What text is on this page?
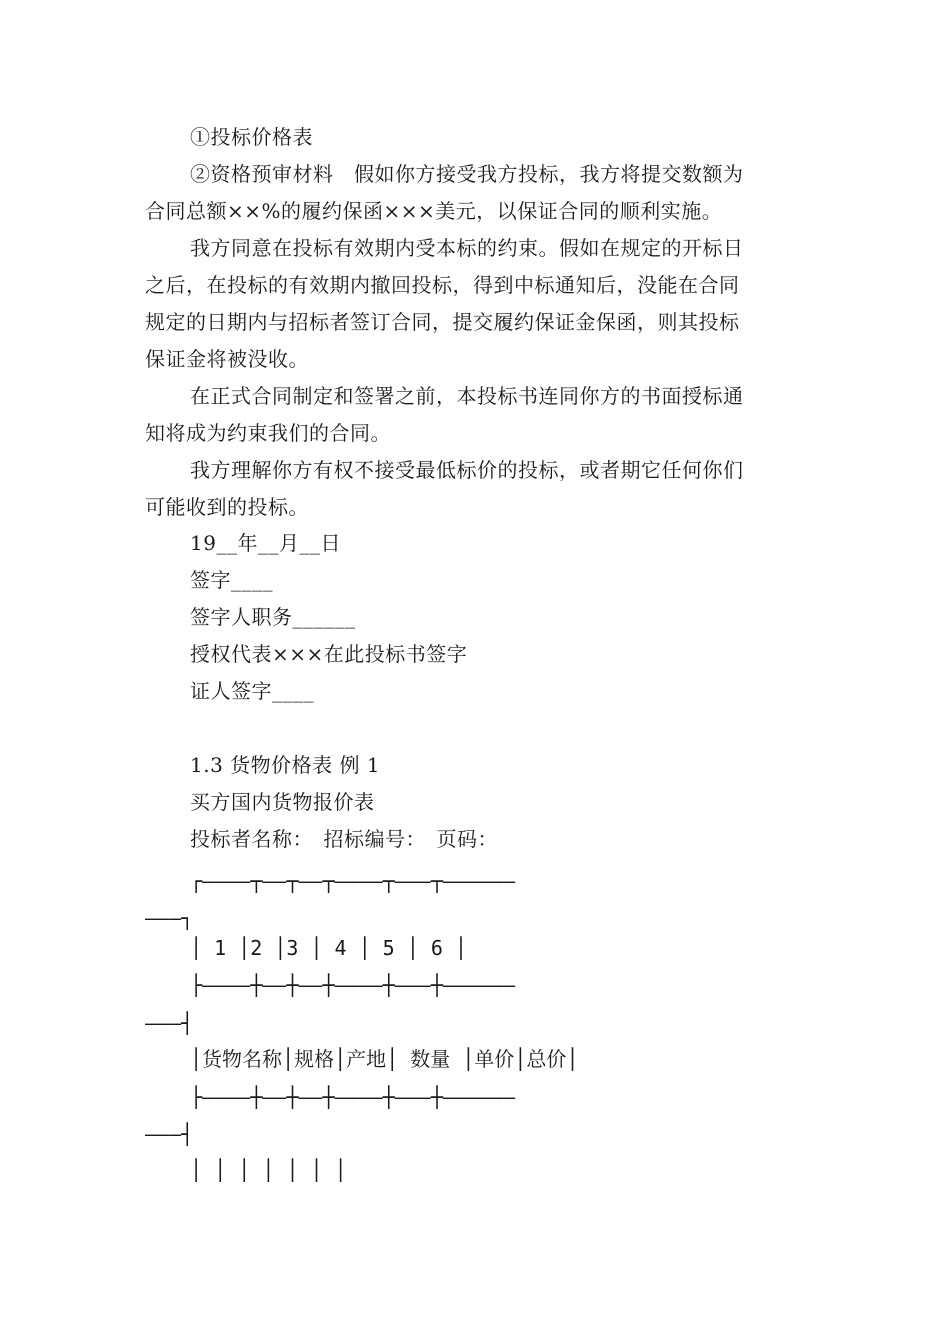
①投标价格表
②资格预审材料　假如你方接受我方投标，我方将提交数额为
合同总额××%的履约保函×××美元，以保证合同的顺利实施。
我方同意在投标有效期内受本标的约束。假如在规定的开标日
之后，在投标的有效期内撤回投标，得到中标通知后，没能在合同
规定的日期内与招标者签订合同，提交履约保证金保函，则其投标
保证金将被没收。
在正式合同制定和签署之前，本投标书连同你方的书面授标通
知将成为约束我们的合同。
我方理解你方有权不接受最低标价的投标，或者期它任何你们
可能收到的投标。
19__年__月__日
签字____
签字人职务______
授权代表×××在此投标书签字
证人签字____
1.3 货物价格表 例 1
买方国内货物报价表
投标者名称：　招标编号：　页码：
┌————┬——┬——┬————┬———┬——————
———┐
│ 1 │2 │3 │ 4 │ 5 │ 6 │
├————┼——┼——┼————┼———┼——————
———┤
│货物名称│规格│产地│ 数量 │单价│总价│
├————┼——┼——┼————┼———┼——————
———┤
│ │ │ │ │ │ │
